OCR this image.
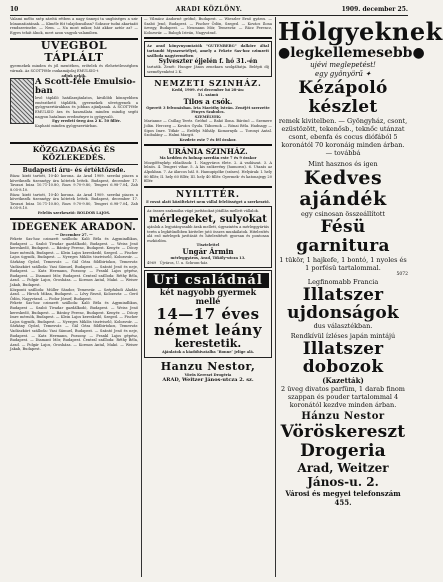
10	ARADI KÖZLÖNY.	1909. december 25.
Valami mélto szép zárótá rétben a nagy ünnepi ta ungbiséges a szir húnanzáiatának. — Kíméle fút tulajdonsában? Sokszor tudni akartaáit rendszerinebe. — Nem. — Na most mikor, hát akkor aztúr az? — Egyes tehát álnok, mert azon vagyok valamiben.
ÜVEGBŐL TÁPLÁLT
gyermekek minden és jól mentében, erőtelek és élehetetlességben várnak. Az SCOTT-féle csukamájolaj EMULSIO-t
adjuk nekik.
A Scott-féle Emulsio-ban
levő tápláló hatálarajánlatos, kiválóbb könnyebben emészthető táplálék, gyermekek sővetgyenek a gyógyszertárakban és jobban ajánljanak. A SCOTT-féle EMULSIO ára és használata minden mindig segíti nagyon hatalmas eredményre is gyógyvaló.
Egy eredeti üveg ára 2 K. 50 fillér.
Kapható minden gyógyszertárban.
KÖZGAZDASÁG ÉS KÖZLEKEDÉS.
Budapesti áru- és értéktőzsde.
Búza: kirát tartott, 10-40 korona. Az Arad 1909. szerdai piacra a következők tizennégy ára kötetek lettek. Budapest, december 17. Tavaszi búza 10.71-10.80, Rozs 9.70-9.80, Tengeri 6.98-7.04, Zab 8.05-8.10.
Búza: kirát tartott, 10-40 korona. Az Arad 1909. szerdai piacra a következők tizennégy ára kötetek lettek. Budapest, december 17. Tavaszi búza 10.71-10.80, Rozs 9.70-9.80, Tengeri 6.98-7.04, Zab 8.05-8.10.
Felelős szerkesztő: BOLDOR LAJOS.
IDEGENEK ARADON.
— December 27. —
Fekete Sas-hoz czimzett szálloda: Kaló Béla és Agymindlikus, Budapest — Szabó Tivadar gazdálkodó, Budapest. — Weiss Jenő kereskedő, Budapest. — Bárány Ferenc, Budapest. Kenyér. — Dóczy Imre mérnök, Budapest. — Klein Lajos kereskedő, Szeged. — Fischer Lajos ügynök, Budapest. — Nyerges Miklós tisztviselő, Kolozsvár. — Sárkány Győző, Temesvár. — Gál Géza földbirtokos, Temesvár. Vadászkürt szálloda: Vasi Sámuel, Budapest. — Szántó Jenő és neje, Budapest. — Katz Hermann, Pozsony. — Frankl Lajos gépész, Budapest. — Diamant Mór, Budapest. Central szálloda: Réthy Béla, Arad. — Polgár Lajos, Orosháza. — Kormos Antal, Makó. — Weiser Jakab, Budapest.
Központi szálloda: Müller Sándor, Temesvár. — Szépfaludi Aladár, Arad. — Hirsch Miksa, Budapest. — Lővy Rezső, Kolozsvár. — Gerő Ödön, Nagyvárad. — Fodor József, Budapest.
Fekete Sas-hoz czimzett szálloda: Kaló Béla és Agymindlikus, Budapest — Szabó Tivadar gazdálkodó, Budapest. — Weiss Jenő kereskedő, Budapest. — Bárány Ferenc, Budapest. Kenyér. — Dóczy Imre mérnök, Budapest. — Klein Lajos kereskedő, Szeged. — Fischer Lajos ügynök, Budapest. — Nyerges Miklós tisztviselő, Kolozsvár. — Sárkány Győző, Temesvár. — Gál Géza földbirtokos, Temesvár. Vadászkürt szálloda: Vasi Sámuel, Budapest. — Szántó Jenő és neje, Budapest. — Katz Hermann, Pozsony. — Frankl Lajos gépész, Budapest. — Diamant Mór, Budapest. Central szálloda: Réthy Béla, Arad. — Polgár Lajos, Orosháza. — Kormos Antal, Makó. — Weiser Jakab, Budapest.
— Vilmácz Andorné grófnő, Budapest. — Wieszler Ernő gyáros. — Szabó Jenő, Budapest. — Fischer Ödön, Szeged. — Kovács Ilona özvegy, Budapest. — Neumann Mór, Temesvár. — Rácz Ferencz, Kolozsvár. — Balogh István, Nagyvárad.
Az arad könyvnyomtatók "GUTENBERG" dalköre által tartandó Mysszesetélyei, amely a Fekete Sas-hoz czimzett szálloda nagytermében
Sylveszter éjjelén f. hó 31.-én
tartatik. Zenét: Hunger János zenekara szolgáltatja. Belépti díj személyenként 2 K.
NEMZETI SZINHÁZ.
Kedd, 1909. évi december hó 28-án:
51. számú
Tilos a csók.
Operett 3 felvonásban. Irta Maróthy István. Zenéjét szerzette Fényes Szabolcs.
SZEMÉLYEK:
Marianne — Csillag Teréz. Grófnő — Bakó Ilona. Bárónő — Szemere Jolán. Herczeg — Kovács Gyula. Tábornok — Rónai Béla. Hadnagy — Sipos Imre. Titkár — Erdélyi Mihály. Komornyik — Toronyi Antal. Szobalány — Halmi Margit.
Kezdete este 7 és fél órakor.
URÁNIA SZINHÁZ.
Ma kedden és holnap szerdán este 7 és 9 órakor
Mozgófénykép előadások: 1. Nagyváros élete. 2. A vadászat. 3. A bűnös. 4. Tengeri vihar. 5. A kis szökevény (humoros). 6. Utazás az Alpokban. 7. Az álarcos bál. 8. Hamupipőke (színes). Helyárak: I. hely 80 fillér, II. hely 60 fillér, III. hely 40 fillér. Gyermek- és katonajegy 20 fillér.
NYILTTÉR.
E rovat alatt közöltekért nem vállal felelősséget a szerkesztő.
Az összes szakmába vágó javításokat jótállás mellett vállalok.
mérlegeket, sulyokat
ajánlok a legjutányosabb árak mellett, úgyszintén a mérleggyártás terén a legkitűnőbben kivitelre jutó összes munkálatok. Hitelesítés alá eső mérlegek javítását és hitelesítését gyorsan és pontosan eszközlöm.
Tisztelettel
Ungár Ármin
mérleggyáros, Arad, Tököly-utcza 13.
4969 Újváros, U. u. Schrom-ház.
Uri családnál
két nagyobb gyermek mellé
14—17 éves német leány
kerestetik.
Ajánlatok a kiadóhivatalba ″Bonne″ jelige alá.
Hanzu Nestor,
Vörös Kereszt Drogéria
ARAD, Weitzer János-utcza 2. sz.
Hölgyeknek
●legkellemesebb●
ujévi meglepetést!
egy gyönyörű ✦
Kézápoló készlet
remek kivitelben. — Gyöngyház, csont, ezüstözött, tekenősb., teknőc utánzat csont, ebenfa és cocus diófából 5 koronától 70 koronáig minden árban. — továbbá
Mint hasznos és igen
Kedves ajándék
egy csinosan összeállított
Fésü garnitura
1 tükör, 1 hajkefe, 1 bontó, 1 nyoles és 1 porfésü tartalommal.
5072
Legfinomabb Francia
Illatszer ujdonságok
dus választékban.
Rendkívül ízléses japán mintájú
Illatszer dobozok
(Kazetták)
2 üveg divatos parfüm, 1 darab finom szappan és pouder tartalommal 4 koronától kezdve minden árban.
Hánzu Nestor
Vöröskereszt Drogeria
Arad, Weitzer János-u. 2.
Városi és megyei telefonszám 455.
